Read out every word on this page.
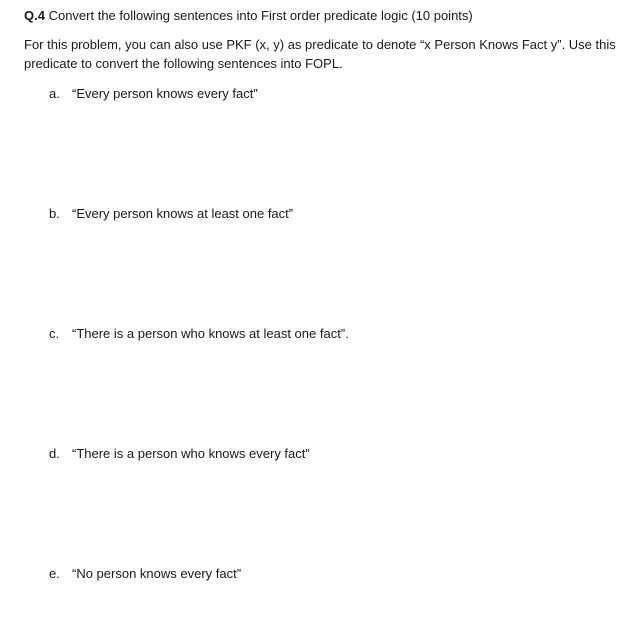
Q.4 Convert the following sentences into First order predicate logic (10 points)
For this problem, you can also use PKF (x, y) as predicate to denote “x Person Knows Fact y”. Use this predicate to convert the following sentences into FOPL.
a. “Every person knows every fact”
b. “Every person knows at least one fact”
c. “There is a person who knows at least one fact”.
d. “There is a person who knows every fact”
e. “No person knows every fact”
